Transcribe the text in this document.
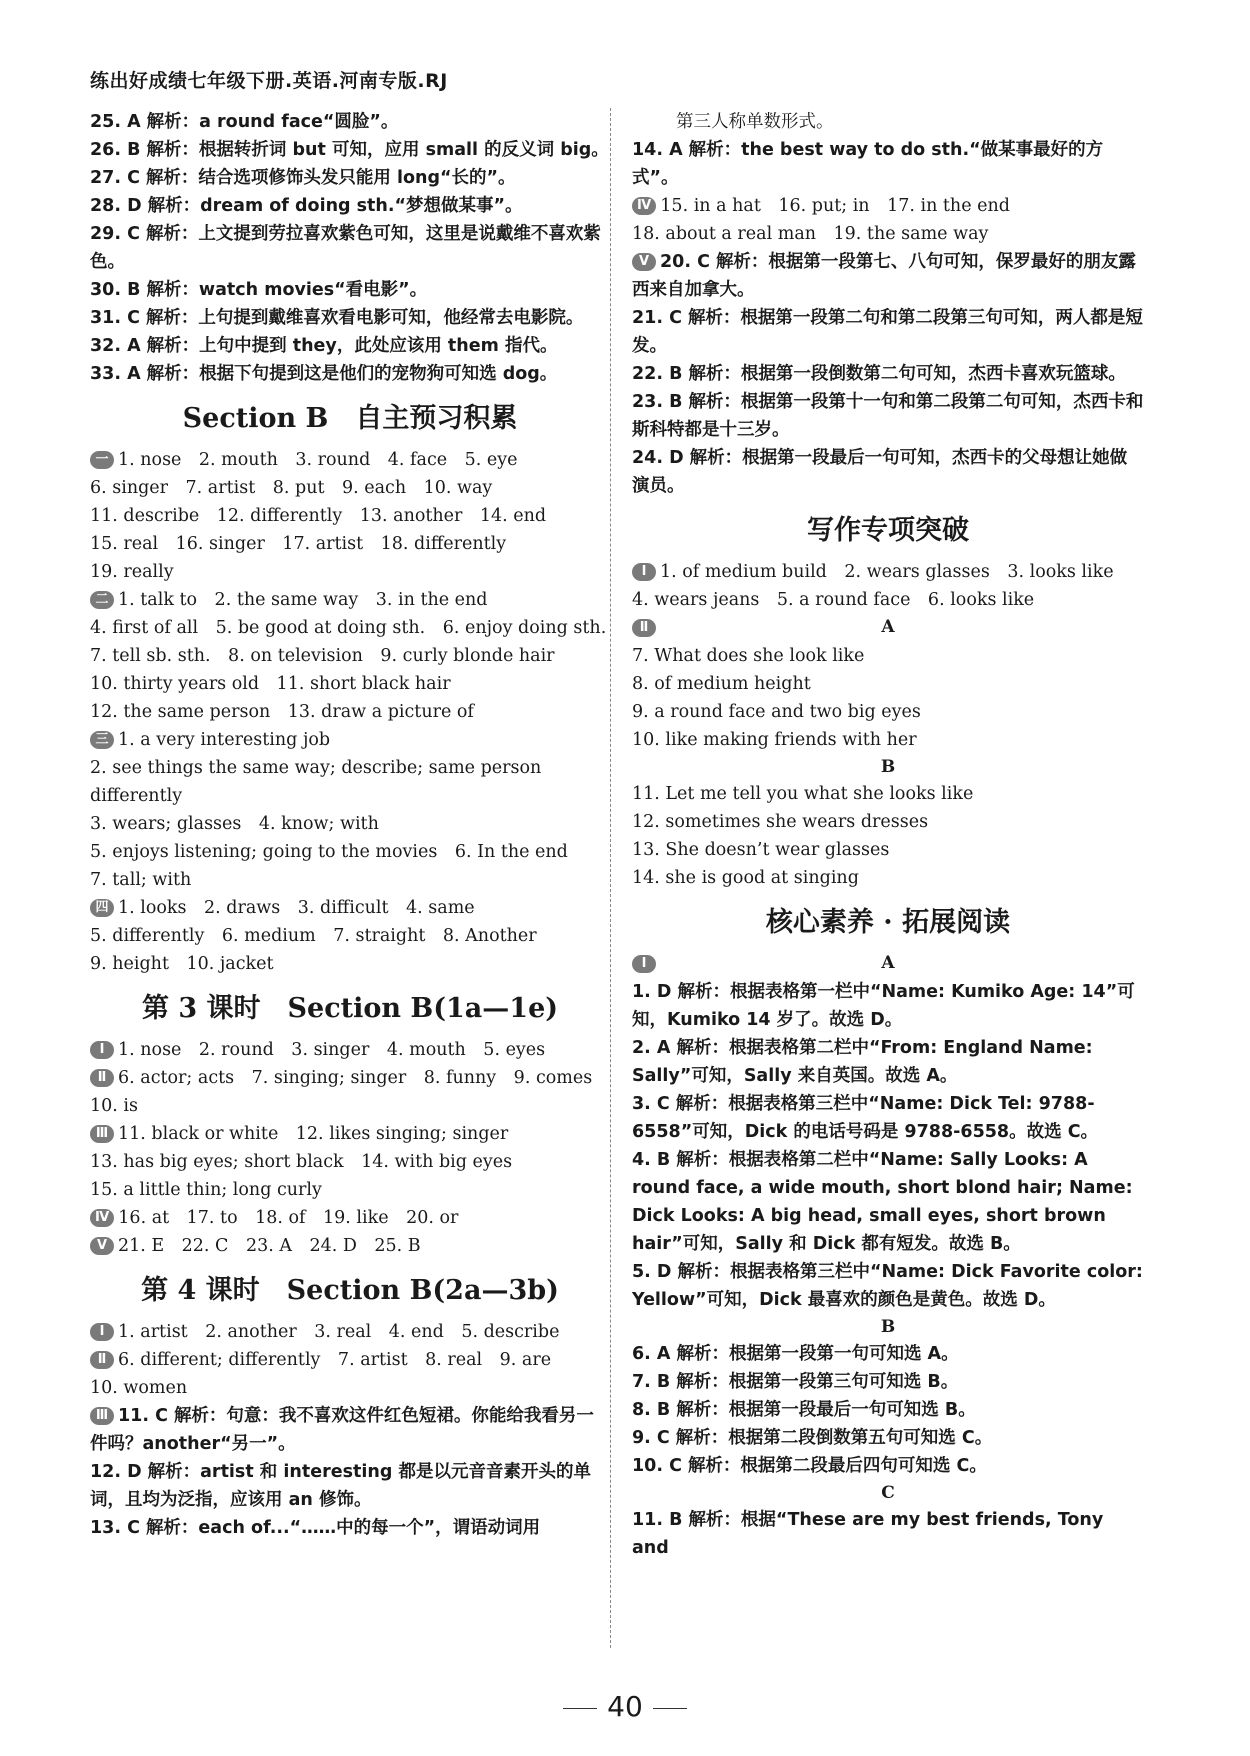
练出好成绩七年级下册.英语.河南专版.RJ
25. A 解析：a round face“圆脸”。
26. B 解析：根据转折词 but 可知，应用 small 的反义词 big。
27. C 解析：结合选项修饰头发只能用 long“长的”。
28. D 解析：dream of doing sth.“梦想做某事”。
29. C 解析：上文提到劳拉喜欢紫色可知，这里是说戴维不喜欢紫色。
30. B 解析：watch movies“看电影”。
31. C 解析：上句提到戴维喜欢看电影可知，他经常去电影院。
32. A 解析：上句中提到 they，此处应该用 them 指代。
33. A 解析：根据下句提到这是他们的宠物狗可知选 dog。
Section B　自主预习积累
一 1. nose　2. mouth　3. round　4. face　5. eye
6. singer　7. artist　8. put　9. each　10. way
11. describe　12. differently　13. another　14. end
15. real　16. singer　17. artist　18. differently
19. really
二 1. talk to　2. the same way　3. in the end
4. first of all　5. be good at doing sth.　6. enjoy doing sth.
7. tell sb. sth.　8. on television　9. curly blonde hair
10. thirty years old　11. short black hair
12. the same person　13. draw a picture of
三 1. a very interesting job
2. see things the same way; describe; same person differently
3. wears; glasses　4. know; with
5. enjoys listening; going to the movies　6. In the end
7. tall; with
四 1. looks　2. draws　3. difficult　4. same
5. differently　6. medium　7. straight　8. Another
9. height　10. jacket
第 3 课时　Section B(1a—1e)
Ⅰ 1. nose　2. round　3. singer　4. mouth　5. eyes
Ⅱ 6. actor; acts　7. singing; singer　8. funny　9. comes
10. is
Ⅲ 11. black or white　12. likes singing; singer
13. has big eyes; short black　14. with big eyes
15. a little thin; long curly
Ⅳ 16. at　17. to　18. of　19. like　20. or
Ⅴ 21. E　22. C　23. A　24. D　25. B
第 4 课时　Section B(2a—3b)
Ⅰ 1. artist　2. another　3. real　4. end　5. describe
Ⅱ 6. different; differently　7. artist　8. real　9. are
10. women
Ⅲ 11. C 解析：句意：我不喜欢这件红色短裙。你能给我看另一件吗？another“另一”。
12. D 解析：artist 和 interesting 都是以元音音素开头的单词，且均为泛指，应该用 an 修饰。
13. C 解析：each of...“……中的每一个”，谓语动词用
第三人称单数形式。
14. A 解析：the best way to do sth.“做某事最好的方式”。
Ⅳ 15. in a hat　16. put; in　17. in the end
18. about a real man　19. the same way
Ⅴ 20. C 解析：根据第一段第七、八句可知，保罗最好的朋友露西来自加拿大。
21. C 解析：根据第一段第二句和第二段第三句可知，两人都是短发。
22. B 解析：根据第一段倒数第二句可知，杰西卡喜欢玩篮球。
23. B 解析：根据第一段第十一句和第二段第二句可知，杰西卡和斯科特都是十三岁。
24. D 解析：根据第一段最后一句可知，杰西卡的父母想让她做演员。
写作专项突破
Ⅰ 1. of medium build　2. wears glasses　3. looks like
4. wears jeans　5. a round face　6. looks like
Ⅱ	A
7. What does she look like
8. of medium height
9. a round face and two big eyes
10. like making friends with her
B
11. Let me tell you what she looks like
12. sometimes she wears dresses
13. She doesn’t wear glasses
14. she is good at singing
核心素养 · 拓展阅读
Ⅰ	A
1. D 解析：根据表格第一栏中“Name: Kumiko Age: 14”可知，Kumiko 14 岁了。故选 D。
2. A 解析：根据表格第二栏中“From: England Name: Sally”可知，Sally 来自英国。故选 A。
3. C 解析：根据表格第三栏中“Name: Dick Tel: 9788-6558”可知，Dick 的电话号码是 9788-6558。故选 C。
4. B 解析：根据表格第二栏中“Name: Sally Looks: A round face, a wide mouth, short blond hair; Name: Dick Looks: A big head, small eyes, short brown hair”可知，Sally 和 Dick 都有短发。故选 B。
5. D 解析：根据表格第三栏中“Name: Dick Favorite color: Yellow”可知，Dick 最喜欢的颜色是黄色。故选 D。
B
6. A 解析：根据第一段第一句可知选 A。
7. B 解析：根据第一段第三句可知选 B。
8. B 解析：根据第一段最后一句可知选 B。
9. C 解析：根据第二段倒数第五句可知选 C。
10. C 解析：根据第二段最后四句可知选 C。
C
11. B 解析：根据“These are my best friends, Tony and
40
